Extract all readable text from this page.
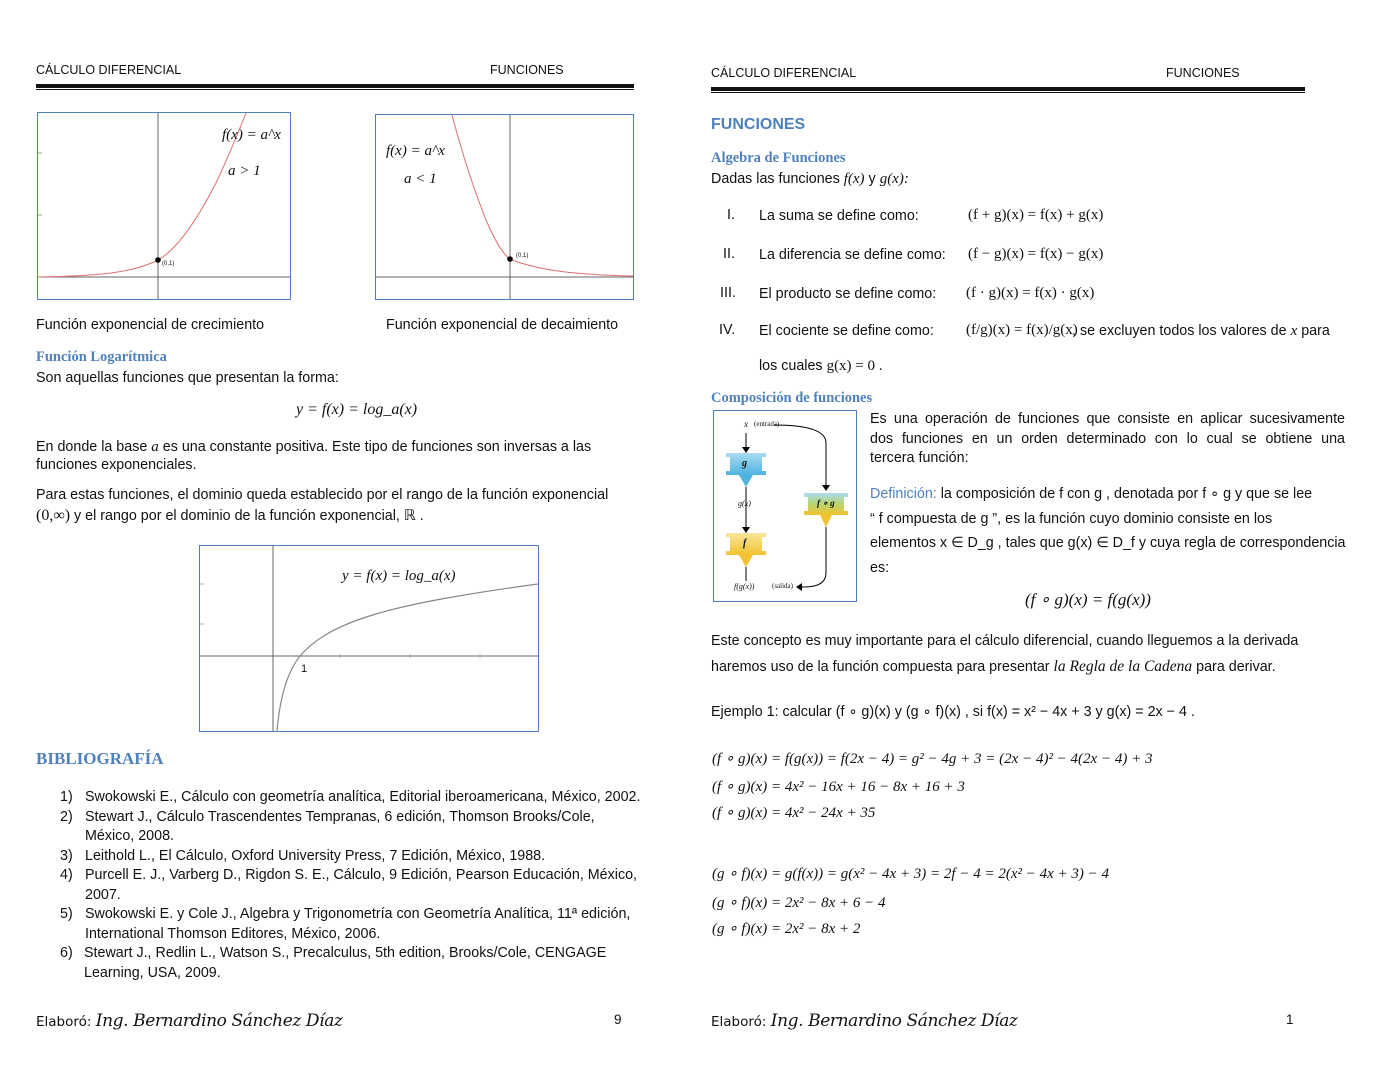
CÁLCULO DIFERENCIAL	FUNCIONES
f(x) = a^x
a > 1
(0,1)
f(x) = a^x
a < 1
(0,1)
Función exponencial de crecimiento	Función exponencial de decaimiento
Función Logarítmica
Son aquellas funciones que presentan la forma:
y = f(x) = log_a(x)
En donde la base a es una constante positiva. Este tipo de funciones son inversas a las
funciones exponenciales.
Para estas funciones, el dominio queda establecido por el rango de la función exponencial
(0,∞) y el rango por el dominio de la función exponencial, ℝ .
y = f(x) = log_a(x)
1
BIBLIOGRAFÍA
1) Swokowski E., Cálculo con geometría analítica, Editorial iberoamericana, México, 2002.
2) Stewart J., Cálculo Trascendentes Tempranas, 6 edición, Thomson Brooks/Cole,
México, 2008.
3) Leithold L., El Cálculo, Oxford University Press, 7 Edición, México, 1988.
4) Purcell E. J., Varberg D., Rigdon S. E., Cálculo, 9 Edición, Pearson Educación, México,
2007.
5) Swokowski E. y Cole J., Algebra y Trigonometría con Geometría Analítica, 11ª edición,
International Thomson Editores, México, 2006.
6) Stewart J., Redlin L., Watson S., Precalculus, 5th edition, Brooks/Cole, CENGAGE
Learning, USA, 2009.
Elaboró: Ing. Bernardino Sánchez Díaz	9
CÁLCULO DIFERENCIAL	FUNCIONES
FUNCIONES
Algebra de Funciones
Dadas las funciones f(x) y g(x):
I. La suma se define como:	(f + g)(x) = f(x) + g(x)
II. La diferencia se define como: (f − g)(x) = f(x) − g(x)
III. El producto se define como: (f · g)(x) = f(x) · g(x)
IV. El cociente se define como: (f/g)(x) = f(x)/g(x)
, se excluyen todos los valores de x para
los cuales g(x) = 0 .
Composición de funciones
x (entrada)
g
g(x)
f
f ∘ g
f(g(x))	(salida)
Es una operación de funciones que consiste en aplicar sucesivamente
dos funciones en un orden determinado con lo cual se obtiene una
tercera función:
Definición: la composición de f con g , denotada por f ∘ g y que se lee
“ f compuesta de g ”, es la función cuyo dominio consiste en los
elementos x ∈ D_g , tales que g(x) ∈ D_f y cuya regla de correspondencia
es:
(f ∘ g)(x) = f(g(x))
Este concepto es muy importante para el cálculo diferencial, cuando lleguemos a la derivada
haremos uso de la función compuesta para presentar la Regla de la Cadena para derivar.
Ejemplo 1: calcular (f ∘ g)(x) y (g ∘ f)(x) , si f(x) = x² − 4x + 3 y g(x) = 2x − 4 .
(f ∘ g)(x) = f(g(x)) = f(2x − 4) = g² − 4g + 3 = (2x − 4)² − 4(2x − 4) + 3
(f ∘ g)(x) = 4x² − 16x + 16 − 8x + 16 + 3
(f ∘ g)(x) = 4x² − 24x + 35
(g ∘ f)(x) = g(f(x)) = g(x² − 4x + 3) = 2f − 4 = 2(x² − 4x + 3) − 4
(g ∘ f)(x) = 2x² − 8x + 6 − 4
(g ∘ f)(x) = 2x² − 8x + 2
Elaboró: Ing. Bernardino Sánchez Díaz	1
